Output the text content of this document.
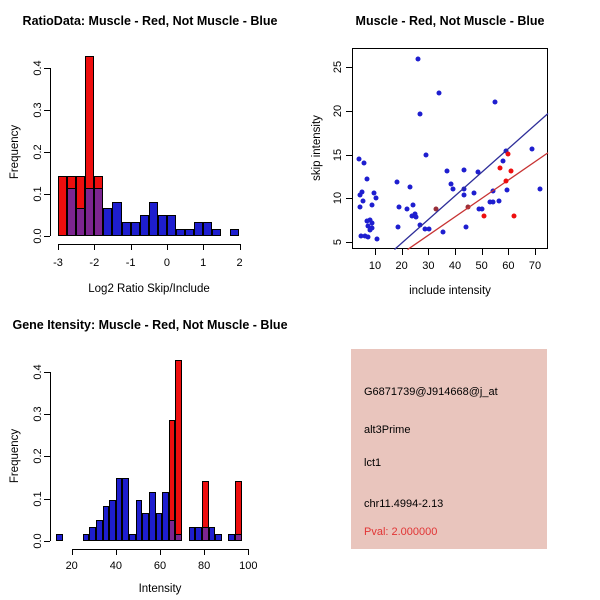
RatioData: Muscle - Red, Not Muscle - Blue
Log2 Ratio Skip/Include
Frequency
Muscle - Red, Not Muscle - Blue
include intensity
skip intensity
Gene Itensity: Muscle - Red, Not Muscle - Blue
Intensity
Frequency
-3 -2 -1	0	1	2
0.0
0.1
0.2
0.3
0.4
10 20 30 40 50 60 70
5
10
15
20
25
20	40	60	80	100
0.0
0.1
0.2
0.3
0.4
G6871739@J914668@j_at
alt3Prime
lct1
chr11.4994-2.13
Pval: 2.000000
